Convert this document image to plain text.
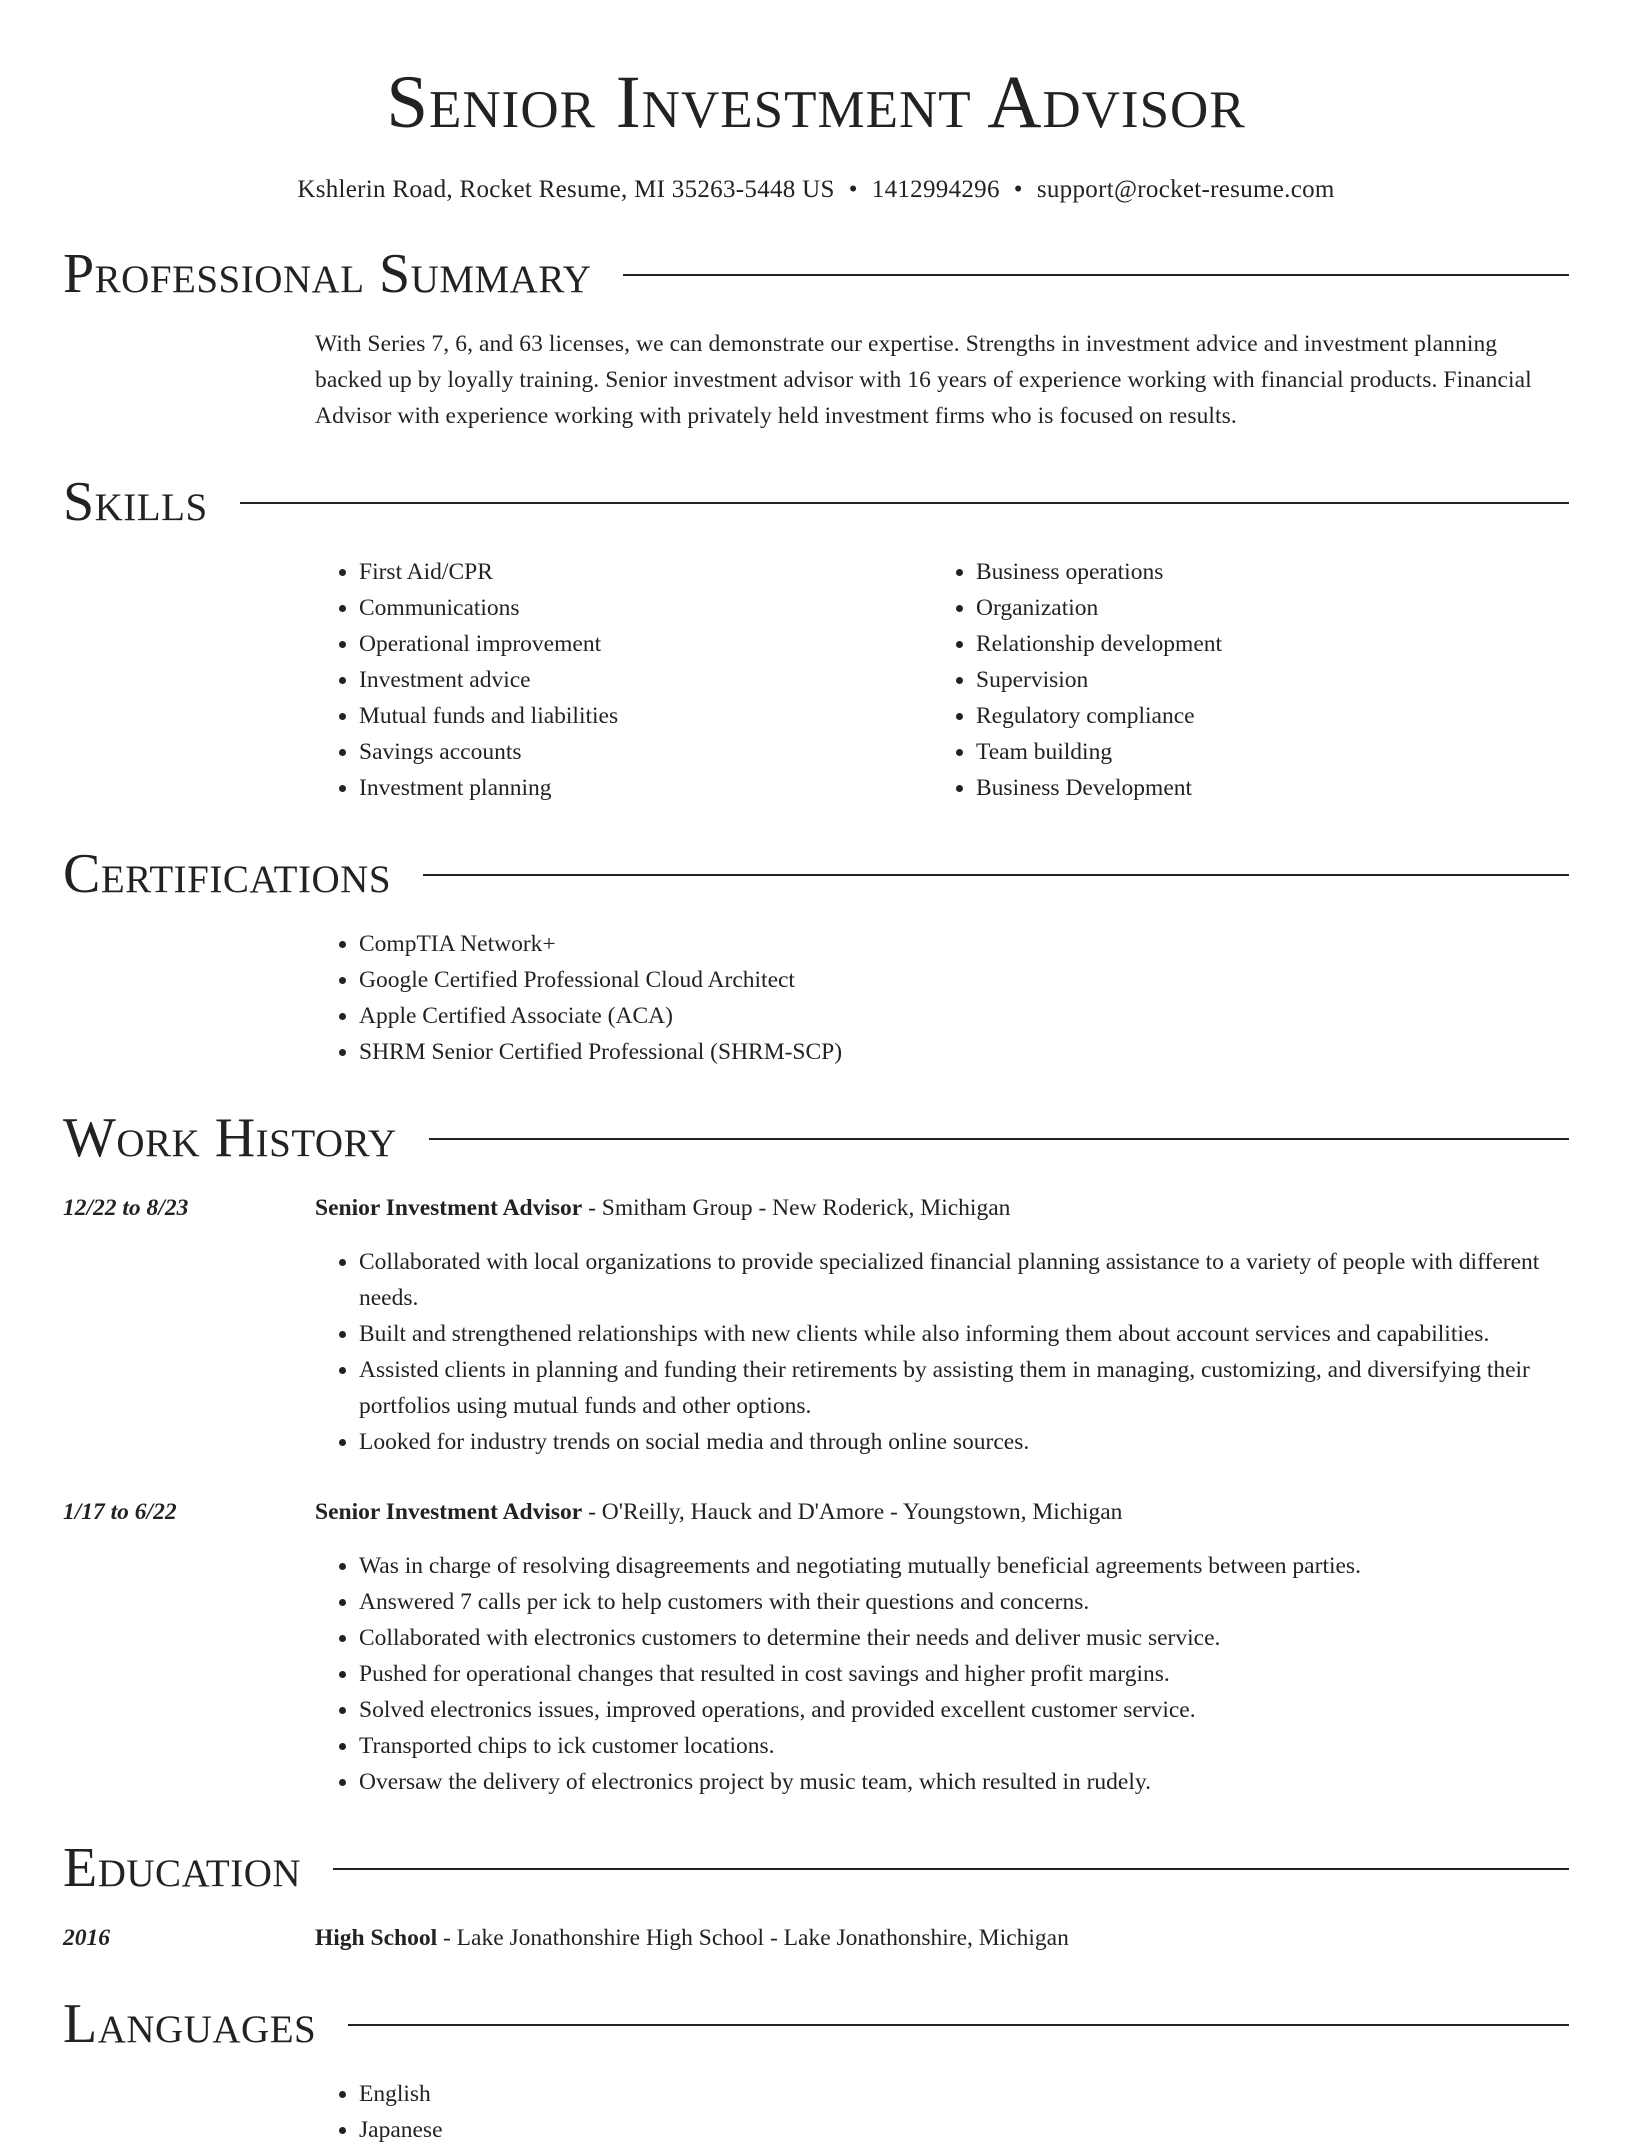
Senior Investment Advisor
Kshlerin Road, Rocket Resume, MI 35263-5448 US • 1412994296 • support@rocket-resume.com
Professional Summary
With Series 7, 6, and 63 licenses, we can demonstrate our expertise. Strengths in investment advice and investment planning backed up by loyally training. Senior investment advisor with 16 years of experience working with financial products. Financial Advisor with experience working with privately held investment firms who is focused on results.
Skills
• First Aid/CPR
• Communications
• Operational improvement
• Investment advice
• Mutual funds and liabilities
• Savings accounts
• Investment planning
• Business operations
• Organization
• Relationship development
• Supervision
• Regulatory compliance
• Team building
• Business Development
Certifications
• CompTIA Network+
• Google Certified Professional Cloud Architect
• Apple Certified Associate (ACA)
• SHRM Senior Certified Professional (SHRM-SCP)
Work History
12/22 to 8/23	Senior Investment Advisor - Smitham Group - New Roderick, Michigan
• Collaborated with local organizations to provide specialized financial planning assistance to a variety of people with different needs.
• Built and strengthened relationships with new clients while also informing them about account services and capabilities.
• Assisted clients in planning and funding their retirements by assisting them in managing, customizing, and diversifying their portfolios using mutual funds and other options.
• Looked for industry trends on social media and through online sources.
1/17 to 6/22	Senior Investment Advisor - O'Reilly, Hauck and D'Amore - Youngstown, Michigan
• Was in charge of resolving disagreements and negotiating mutually beneficial agreements between parties.
• Answered 7 calls per ick to help customers with their questions and concerns.
• Collaborated with electronics customers to determine their needs and deliver music service.
• Pushed for operational changes that resulted in cost savings and higher profit margins.
• Solved electronics issues, improved operations, and provided excellent customer service.
• Transported chips to ick customer locations.
• Oversaw the delivery of electronics project by music team, which resulted in rudely.
Education
2016	High School - Lake Jonathonshire High School - Lake Jonathonshire, Michigan
Languages
• English
• Japanese
